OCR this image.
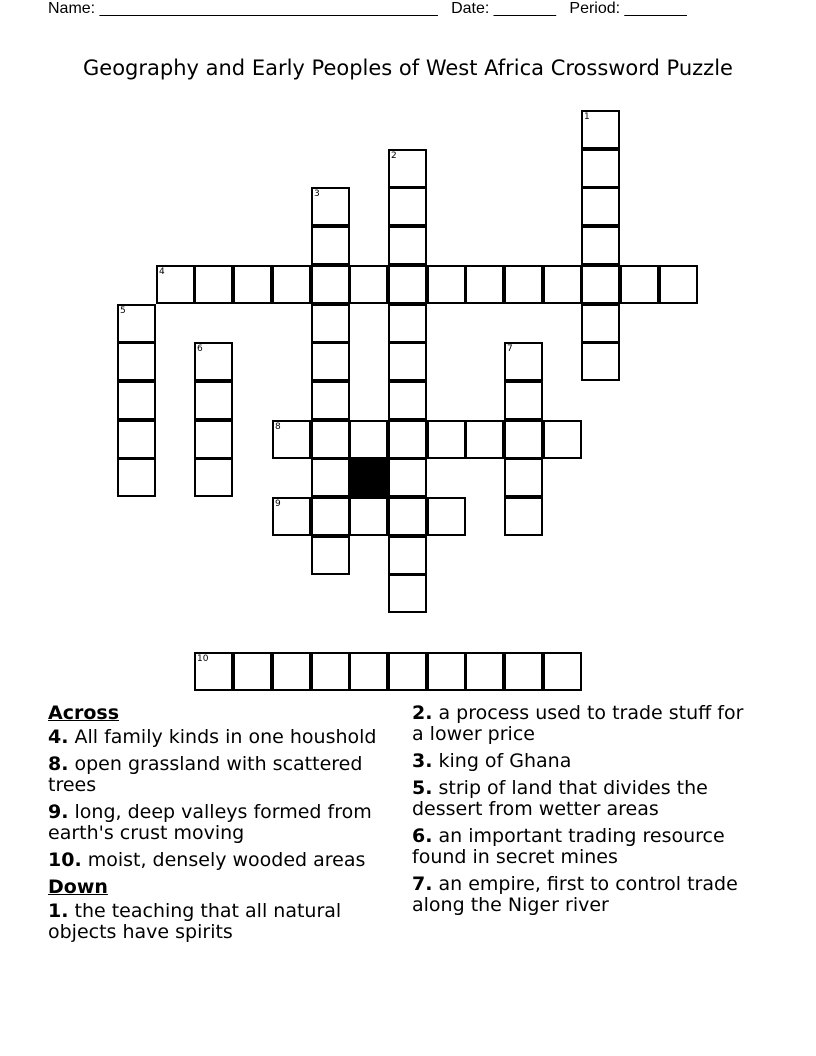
Name: ______________________________________ Date: _______ Period: _______
Geography and Early Peoples of West Africa Crossword Puzzle
1
2
3
4
5
6	7
8
9
10
Across
4. All family kinds in one houshold
8. open grassland with scattered trees
9. long, deep valleys formed from earth's crust moving
10. moist, densely wooded areas
Down
1. the teaching that all natural objects have spirits
2. a process used to trade stuff for a lower price
3. king of Ghana
5. strip of land that divides the dessert from wetter areas
6. an important trading resource found in secret mines
7. an empire, first to control trade along the Niger river
